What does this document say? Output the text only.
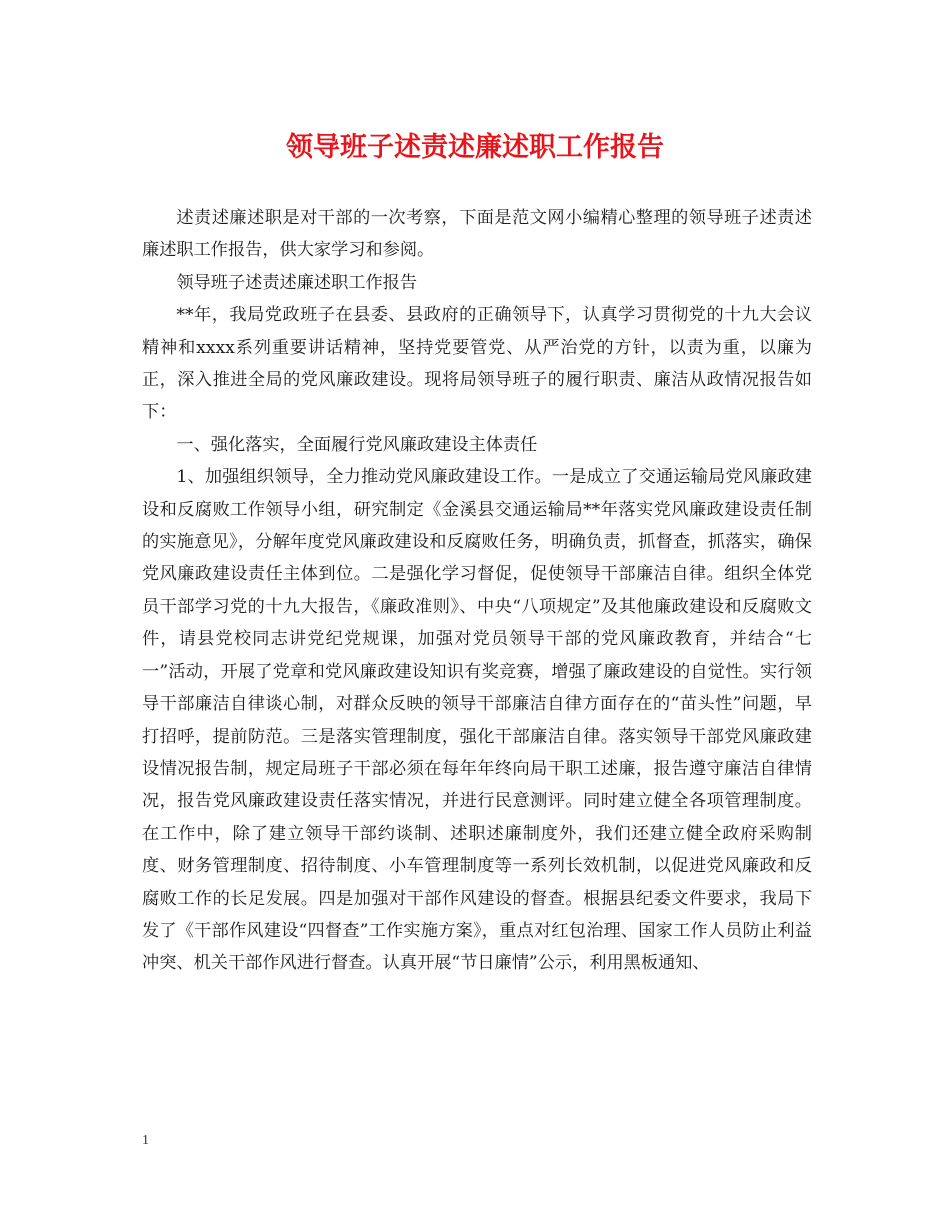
领导班子述责述廉述职工作报告

述责述廉述职是对干部的一次考察，下面是范文网小编精心整理的领导班子述责述廉述职工作报告，供大家学习和参阅。

领导班子述责述廉述职工作报告

**年，我局党政班子在县委、县政府的正确领导下，认真学习贯彻党的十九大会议精神和xxxx系列重要讲话精神，坚持党要管党、从严治党的方针，以责为重，以廉为正，深入推进全局的党风廉政建设。现将局领导班子的履行职责、廉洁从政情况报告如下：

一、强化落实，全面履行党风廉政建设主体责任

1、加强组织领导，全力推动党风廉政建设工作。一是成立了交通运输局党风廉政建设和反腐败工作领导小组，研究制定《金溪县交通运输局**年落实党风廉政建设责任制的实施意见》，分解年度党风廉政建设和反腐败任务，明确负责，抓督查，抓落实，确保党风廉政建设责任主体到位。二是强化学习督促，促使领导干部廉洁自律。组织全体党员干部学习党的十九大报告，《廉政准则》、中央“八项规定”及其他廉政建设和反腐败文件，请县党校同志讲党纪党规课，加强对党员领导干部的党风廉政教育，并结合“七一”活动，开展了党章和党风廉政建设知识有奖竞赛，增强了廉政建设的自觉性。实行领导干部廉洁自律谈心制，对群众反映的领导干部廉洁自律方面存在的“苗头性”问题，早打招呼，提前防范。三是落实管理制度，强化干部廉洁自律。落实领导干部党风廉政建设情况报告制，规定局班子干部必须在每年年终向局干职工述廉，报告遵守廉洁自律情况，报告党风廉政建设责任落实情况，并进行民意测评。同时建立健全各项管理制度。在工作中，除了建立领导干部约谈制、述职述廉制度外，我们还建立健全政府采购制度、财务管理制度、招待制度、小车管理制度等一系列长效机制，以促进党风廉政和反腐败工作的长足发展。四是加强对干部作风建设的督查。根据县纪委文件要求，我局下发了《干部作风建设“四督查”工作实施方案》，重点对红包治理、国家工作人员防止利益冲突、机关干部作风进行督查。认真开展“节日廉情”公示，利用黑板通知、

1
